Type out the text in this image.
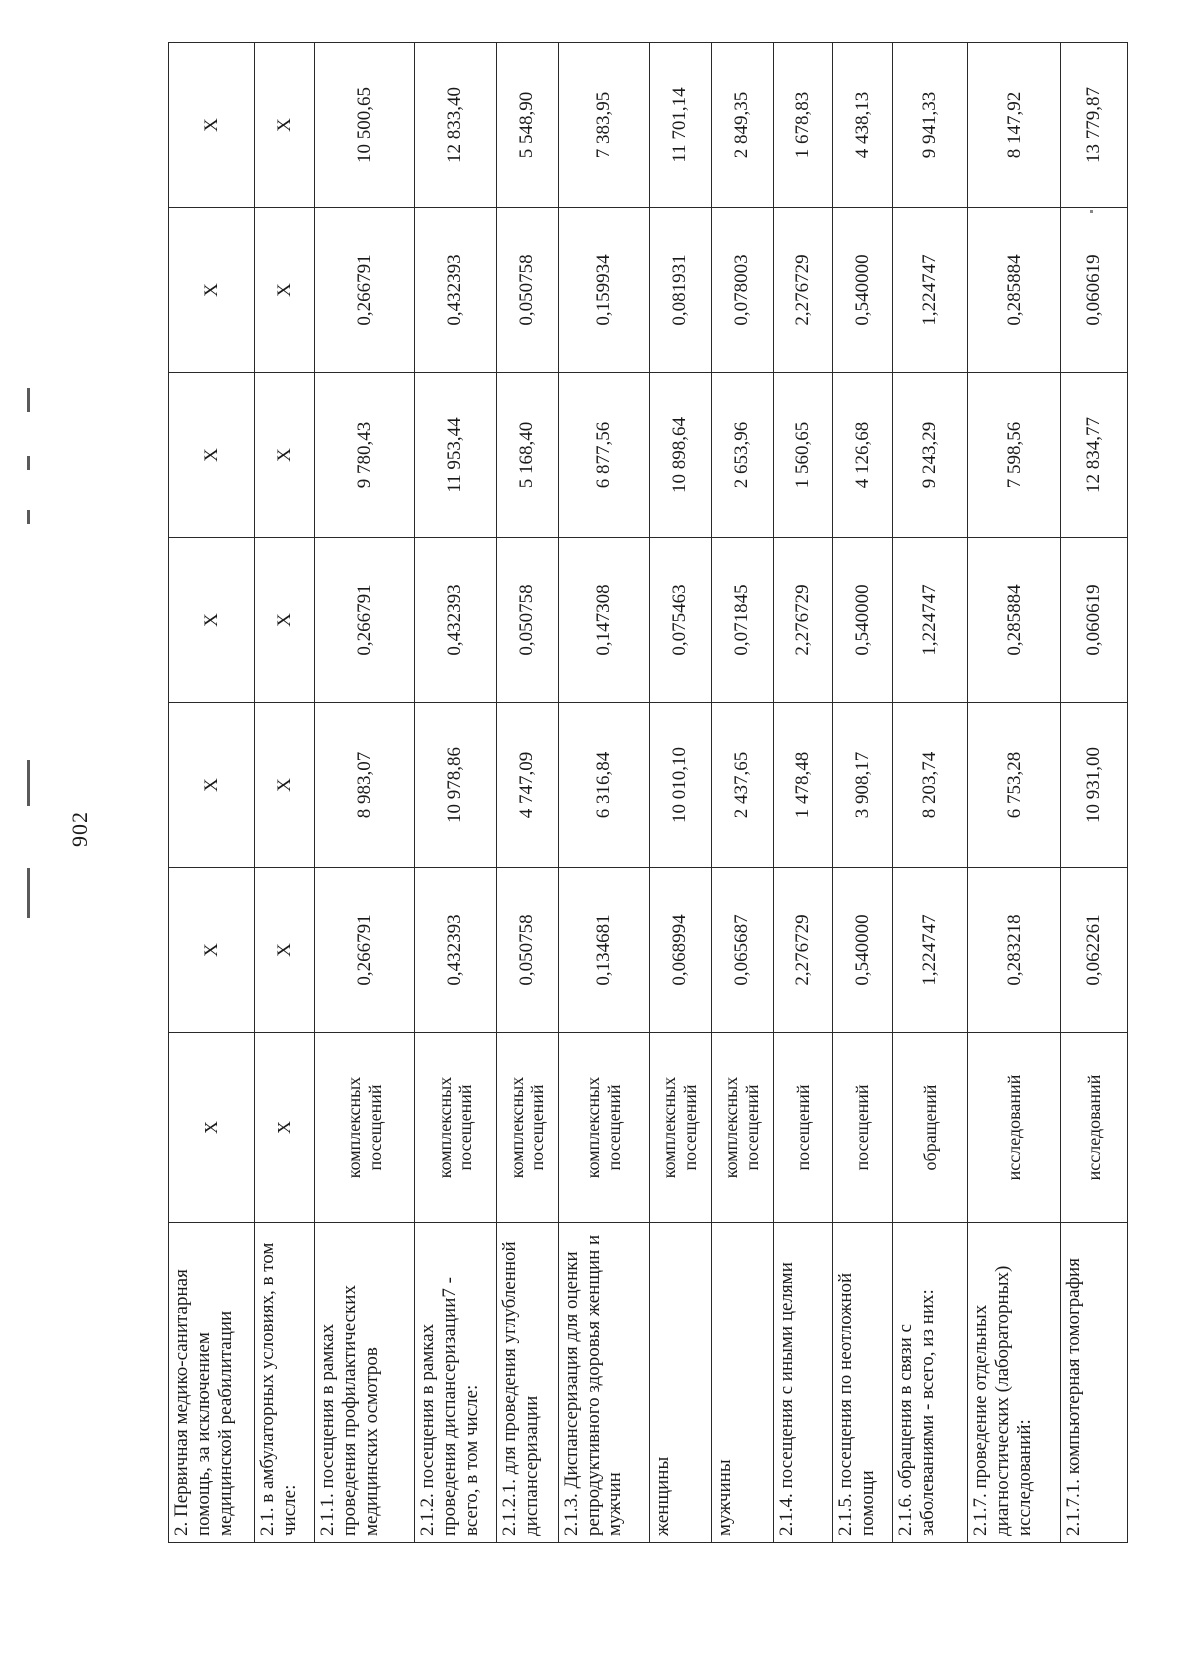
902
2. Первичная медико-санитарная помощь, за исключением медицинской реабилитации	Х	Х	Х	Х	Х	Х	Х
2.1. в амбулаторных условиях, в том числе:	Х	Х	Х	Х	Х	Х	Х
2.1.1. посещения в рамках проведения профилактических медицинских осмотров	комплексных посещений	0,266791	8 983,07	0,266791	9 780,43	0,266791	10 500,65
2.1.2. посещения в рамках проведения диспансеризации7 - всего, в том числе:	комплексных посещений	0,432393	10 978,86	0,432393	11 953,44	0,432393	12 833,40
2.1.2.1. для проведения углубленной диспансеризации	комплексных посещений	0,050758	4 747,09	0,050758	5 168,40	0,050758	5 548,90
2.1.3. Диспансеризация для оценки репродуктивного здоровья женщин и мужчин	комплексных посещений	0,134681	6 316,84	0,147308	6 877,56	0,159934	7 383,95
женщины	комплексных посещений	0,068994	10 010,10	0,075463	10 898,64	0,081931	11 701,14
мужчины	комплексных посещений	0,065687	2 437,65	0,071845	2 653,96	0,078003	2 849,35
2.1.4. посещения с иными целями	посещений	2,276729	1 478,48	2,276729	1 560,65	2,276729	1 678,83
2.1.5. посещения по неотложной помощи	посещений	0,540000	3 908,17	0,540000	4 126,68	0,540000	4 438,13
2.1.6. обращения в связи с заболеваниями - всего, из них:	обращений	1,224747	8 203,74	1,224747	9 243,29	1,224747	9 941,33
2.1.7. проведение отдельных диагностических (лабораторных) исследований:	исследований	0,283218	6 753,28	0,285884	7 598,56	0,285884	8 147,92
2.1.7.1. компьютерная томография	исследований	0,062261	10 931,00	0,060619	12 834,77	0,060619	13 779,87
